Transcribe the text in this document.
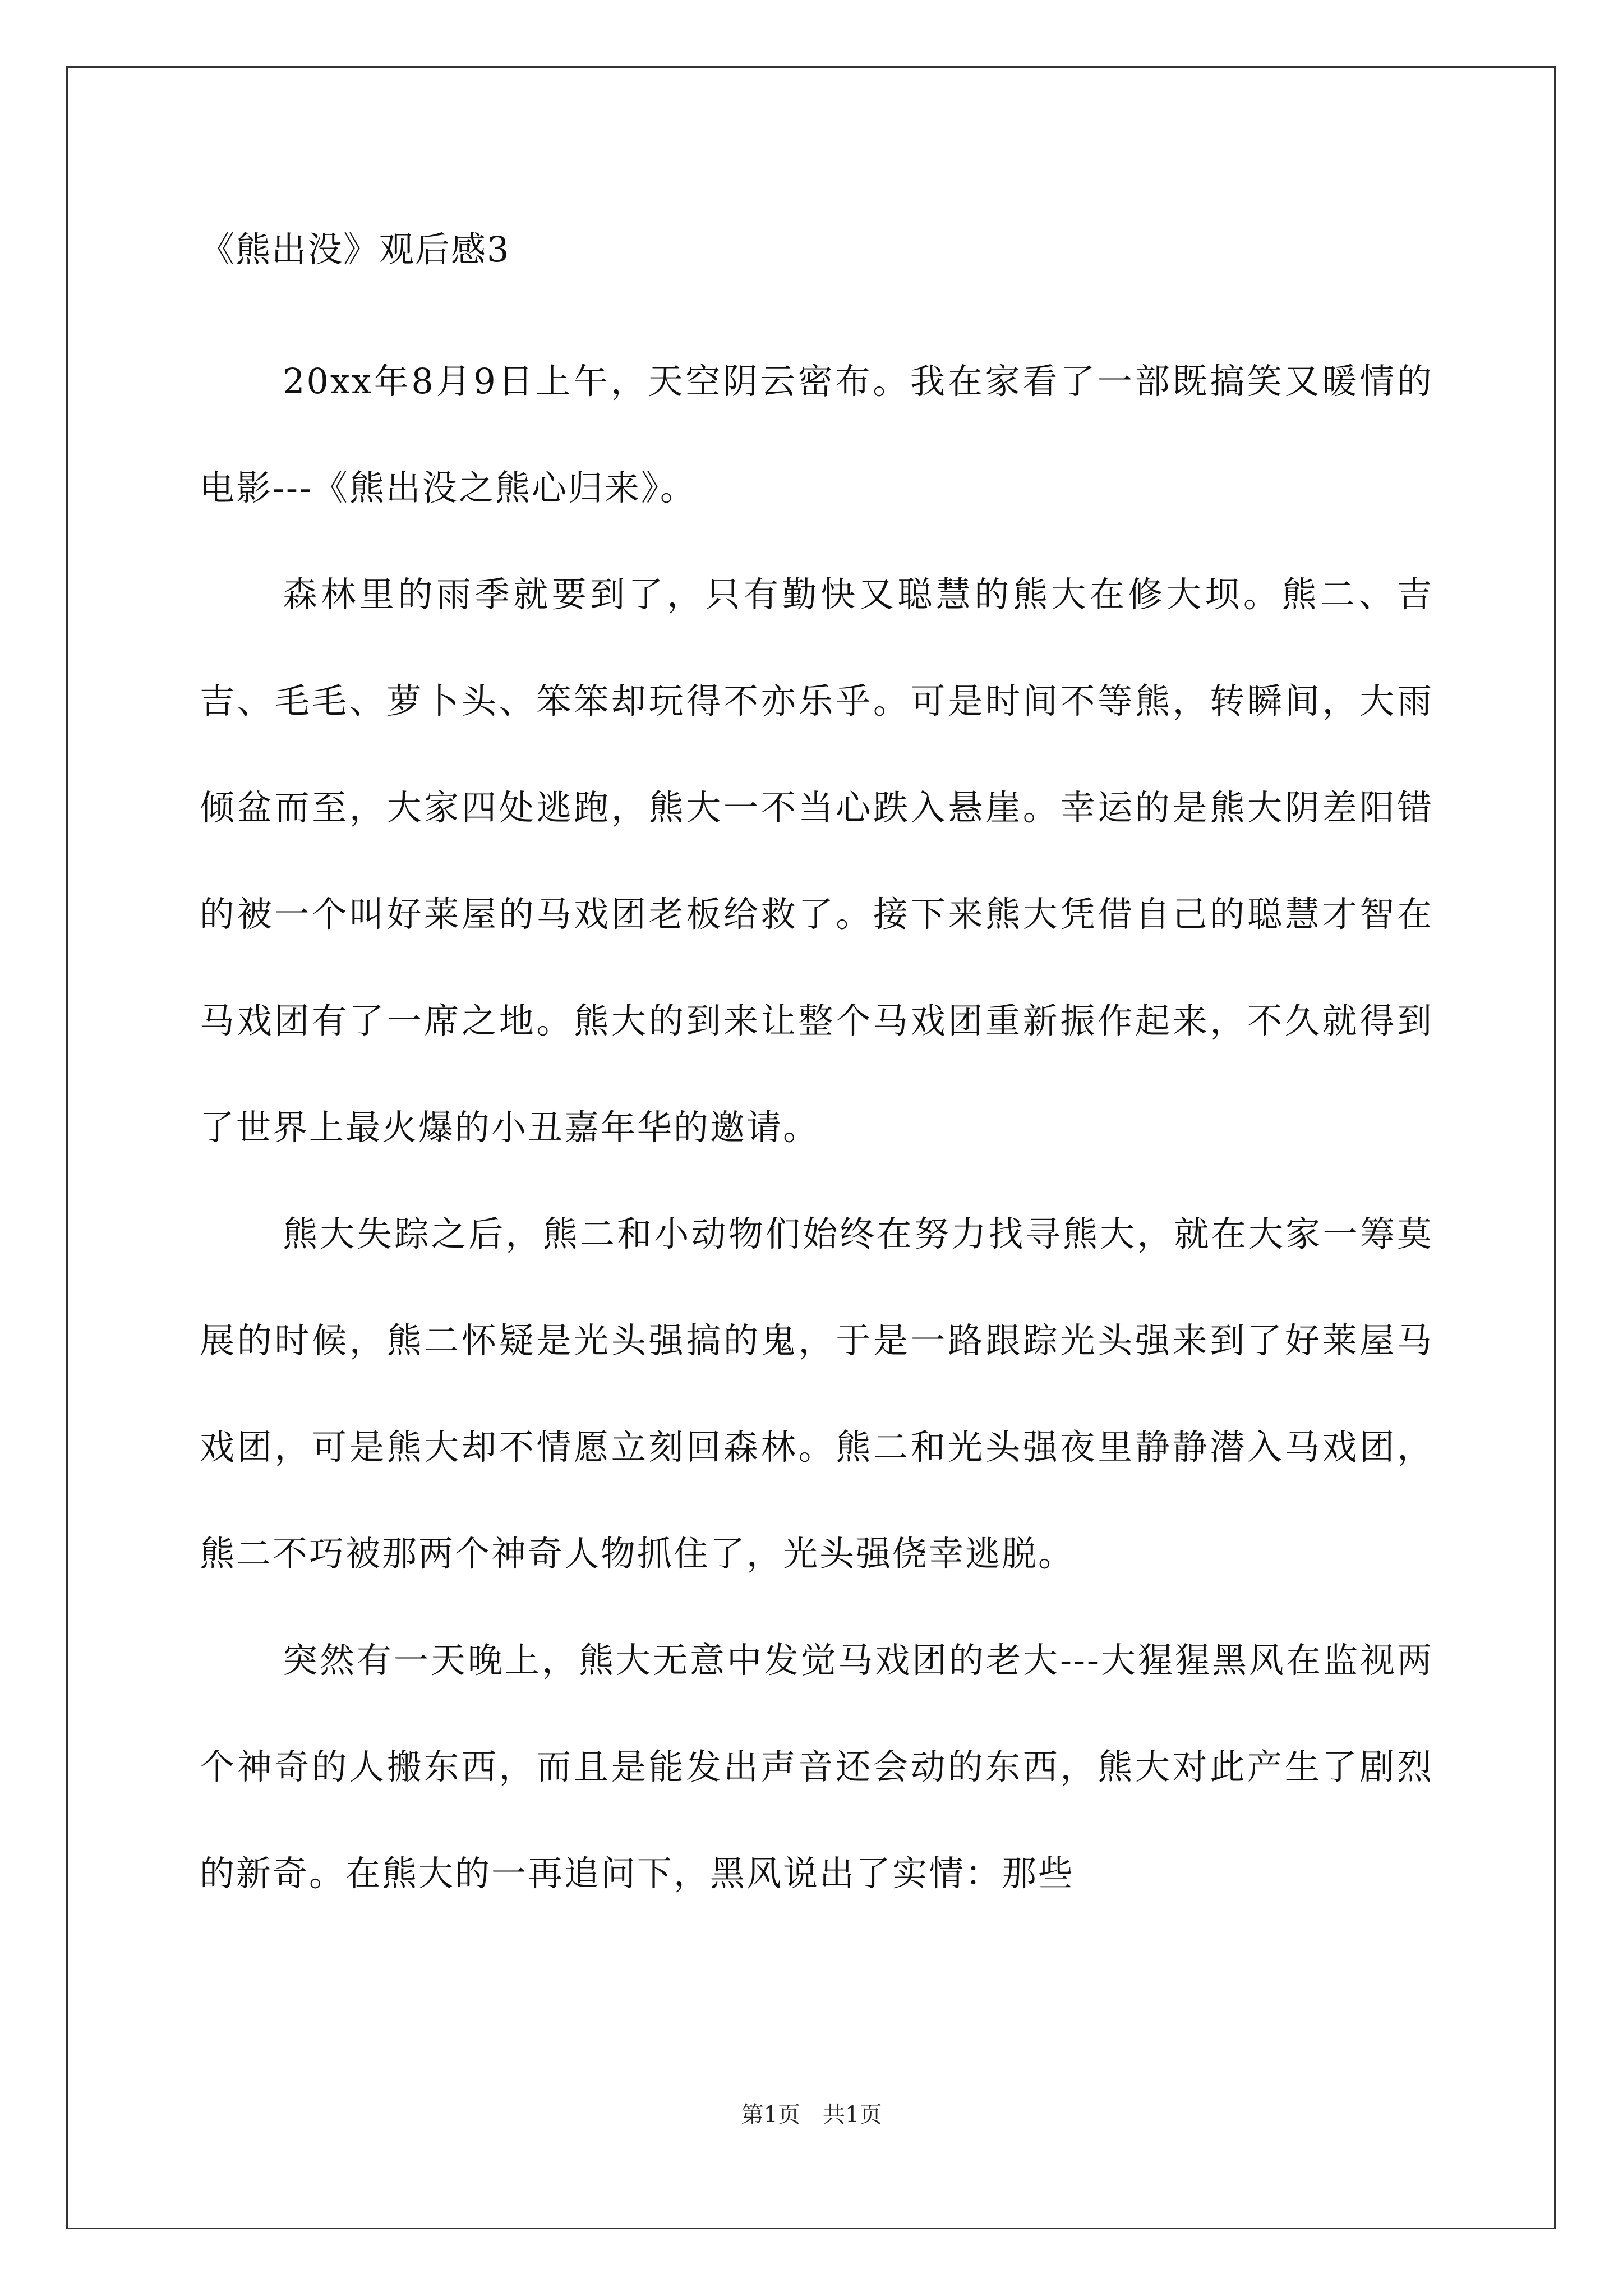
《熊出没》观后感3

20xx年8月9日上午，天空阴云密布。我在家看了一部既搞笑又暖情的电影---《熊出没之熊心归来》。

森林里的雨季就要到了，只有勤快又聪慧的熊大在修大坝。熊二、吉吉、毛毛、萝卜头、笨笨却玩得不亦乐乎。可是时间不等熊，转瞬间，大雨倾盆而至，大家四处逃跑，熊大一不当心跌入悬崖。幸运的是熊大阴差阳错的被一个叫好莱屋的马戏团老板给救了。接下来熊大凭借自己的聪慧才智在马戏团有了一席之地。熊大的到来让整个马戏团重新振作起来，不久就得到了世界上最火爆的小丑嘉年华的邀请。

熊大失踪之后，熊二和小动物们始终在努力找寻熊大，就在大家一筹莫展的时候，熊二怀疑是光头强搞的鬼，于是一路跟踪光头强来到了好莱屋马戏团，可是熊大却不情愿立刻回森林。熊二和光头强夜里静静潜入马戏团，熊二不巧被那两个神奇人物抓住了，光头强侥幸逃脱。

突然有一天晚上，熊大无意中发觉马戏团的老大---大猩猩黑风在监视两个神奇的人搬东西，而且是能发出声音还会动的东西，熊大对此产生了剧烈的新奇。在熊大的一再追问下，黑风说出了实情：那些

第1页 共1页
